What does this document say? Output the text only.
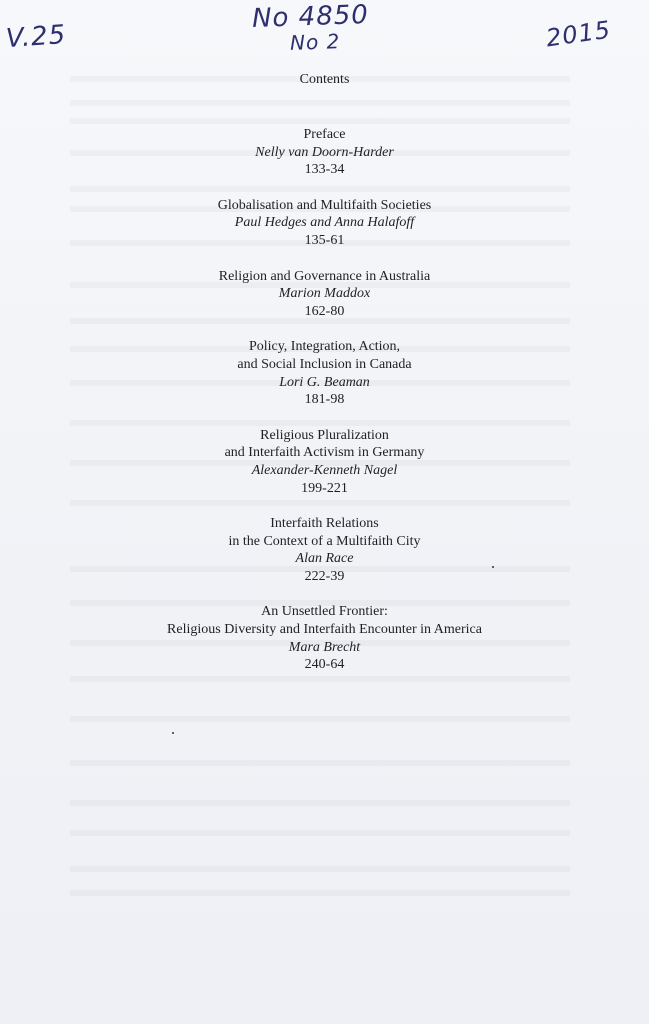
V.25
No 4850
No 2	2015
Contents
Preface
Nelly van Doorn-Harder
133-34
Globalisation and Multifaith Societies
Paul Hedges and Anna Halafoff
135-61
Religion and Governance in Australia
Marion Maddox
162-80
Policy, Integration, Action,
and Social Inclusion in Canada
Lori G. Beaman
181-98
Religious Pluralization
and Interfaith Activism in Germany
Alexander-Kenneth Nagel
199-221
Interfaith Relations
in the Context of a Multifaith City
Alan Race
222-39
An Unsettled Frontier:
Religious Diversity and Interfaith Encounter in America
Mara Brecht
240-64
